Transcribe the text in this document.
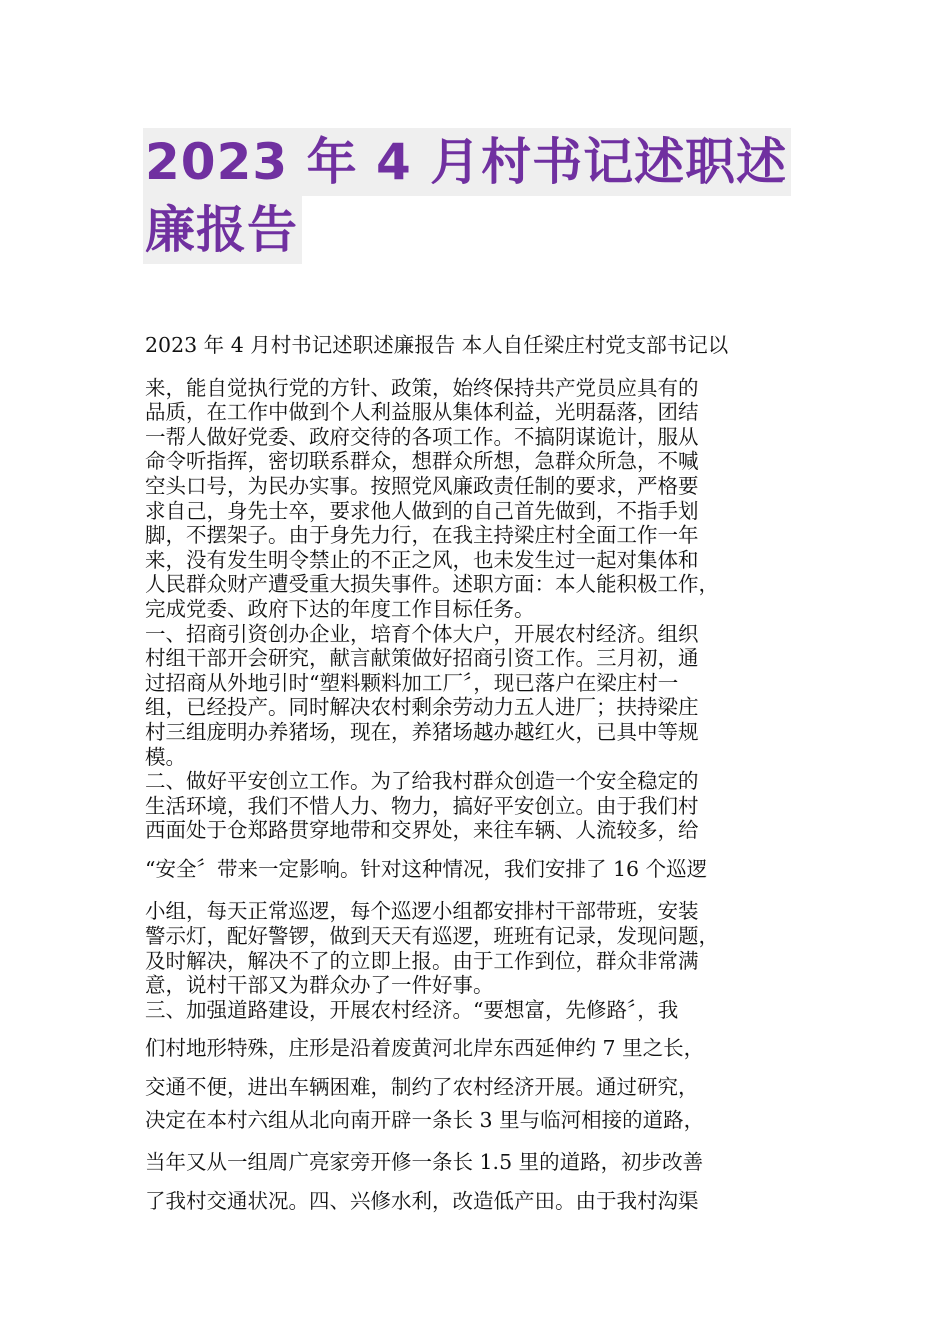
2023 年 4 月村书记述职述
廉报告
2023 年 4 月村书记述职述廉报告 本人自任梁庄村党支部书记以
来，能自觉执行党的方针、政策，始终保持共产党员应具有的
品质，在工作中做到个人利益服从集体利益，光明磊落，团结
一帮人做好党委、政府交待的各项工作。不搞阴谋诡计，服从
命令听指挥，密切联系群众，想群众所想，急群众所急，不喊
空头口号，为民办实事。按照党风廉政责任制的要求，严格要
求自己，身先士卒，要求他人做到的自己首先做到，不指手划
脚，不摆架子。由于身先力行，在我主持梁庄村全面工作一年
来，没有发生明令禁止的不正之风，也未发生过一起对集体和
人民群众财产遭受重大损失事件。述职方面：本人能积极工作，
完成党委、政府下达的年度工作目标任务。
一、招商引资创办企业，培育个体大户，开展农村经济。组织
村组干部开会研究，献言献策做好招商引资工作。三月初，通
过招商从外地引时“塑料颗料加工厂〞，现已落户在梁庄村一
组，已经投产。同时解决农村剩余劳动力五人进厂；扶持梁庄
村三组庞明办养猪场，现在，养猪场越办越红火，已具中等规
模。
二、做好平安创立工作。为了给我村群众创造一个安全稳定的
生活环境，我们不惜人力、物力，搞好平安创立。由于我们村
西面处于仓郑路贯穿地带和交界处，来往车辆、人流较多，给
“安全〞带来一定影响。针对这种情况，我们安排了 16 个巡逻
小组，每天正常巡逻，每个巡逻小组都安排村干部带班，安装
警示灯，配好警锣，做到天天有巡逻，班班有记录，发现问题，
及时解决，解决不了的立即上报。由于工作到位，群众非常满
意，说村干部又为群众办了一件好事。
三、加强道路建设，开展农村经济。“要想富，先修路〞，我
们村地形特殊，庄形是沿着废黄河北岸东西延伸约 7 里之长，
交通不便，进出车辆困难，制约了农村经济开展。通过研究，
决定在本村六组从北向南开辟一条长 3 里与临河相接的道路，
当年又从一组周广亮家旁开修一条长 1.5 里的道路，初步改善
了我村交通状况。四、兴修水利，改造低产田。由于我村沟渠
